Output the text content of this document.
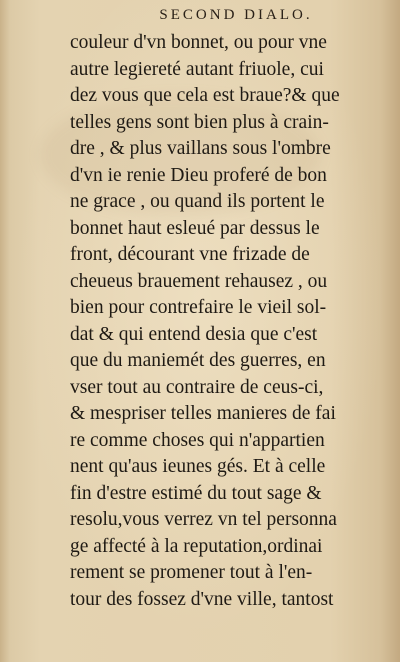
SECOND DIALO.
couleur d'vn bonnet, ou pour vne
autre legiereté autant friuole, cui
dez vous que cela est braue?& que
telles gens sont bien plus à crain-
dre , & plus vaillans sous l'ombre
d'vn ie renie Dieu proferé de bon
ne grace , ou quand ils portent le
bonnet haut esleué par dessus le
front, décourant vne frizade de
cheueus brauement rehausez , ou
bien pour contrefaire le vieil sol-
dat & qui entend desia que c'est
que du maniemét des guerres, en
vser tout au contraire de ceus-ci,
& mespriser telles manieres de fai
re comme choses qui n'appartien
nent qu'aus ieunes gés. Et à celle
fin d'estre estimé du tout sage &
resolu,vous verrez vn tel personna
ge affecté à la reputation,ordinai
rement se promener tout à l'en-
tour des fossez d'vne ville, tantost
